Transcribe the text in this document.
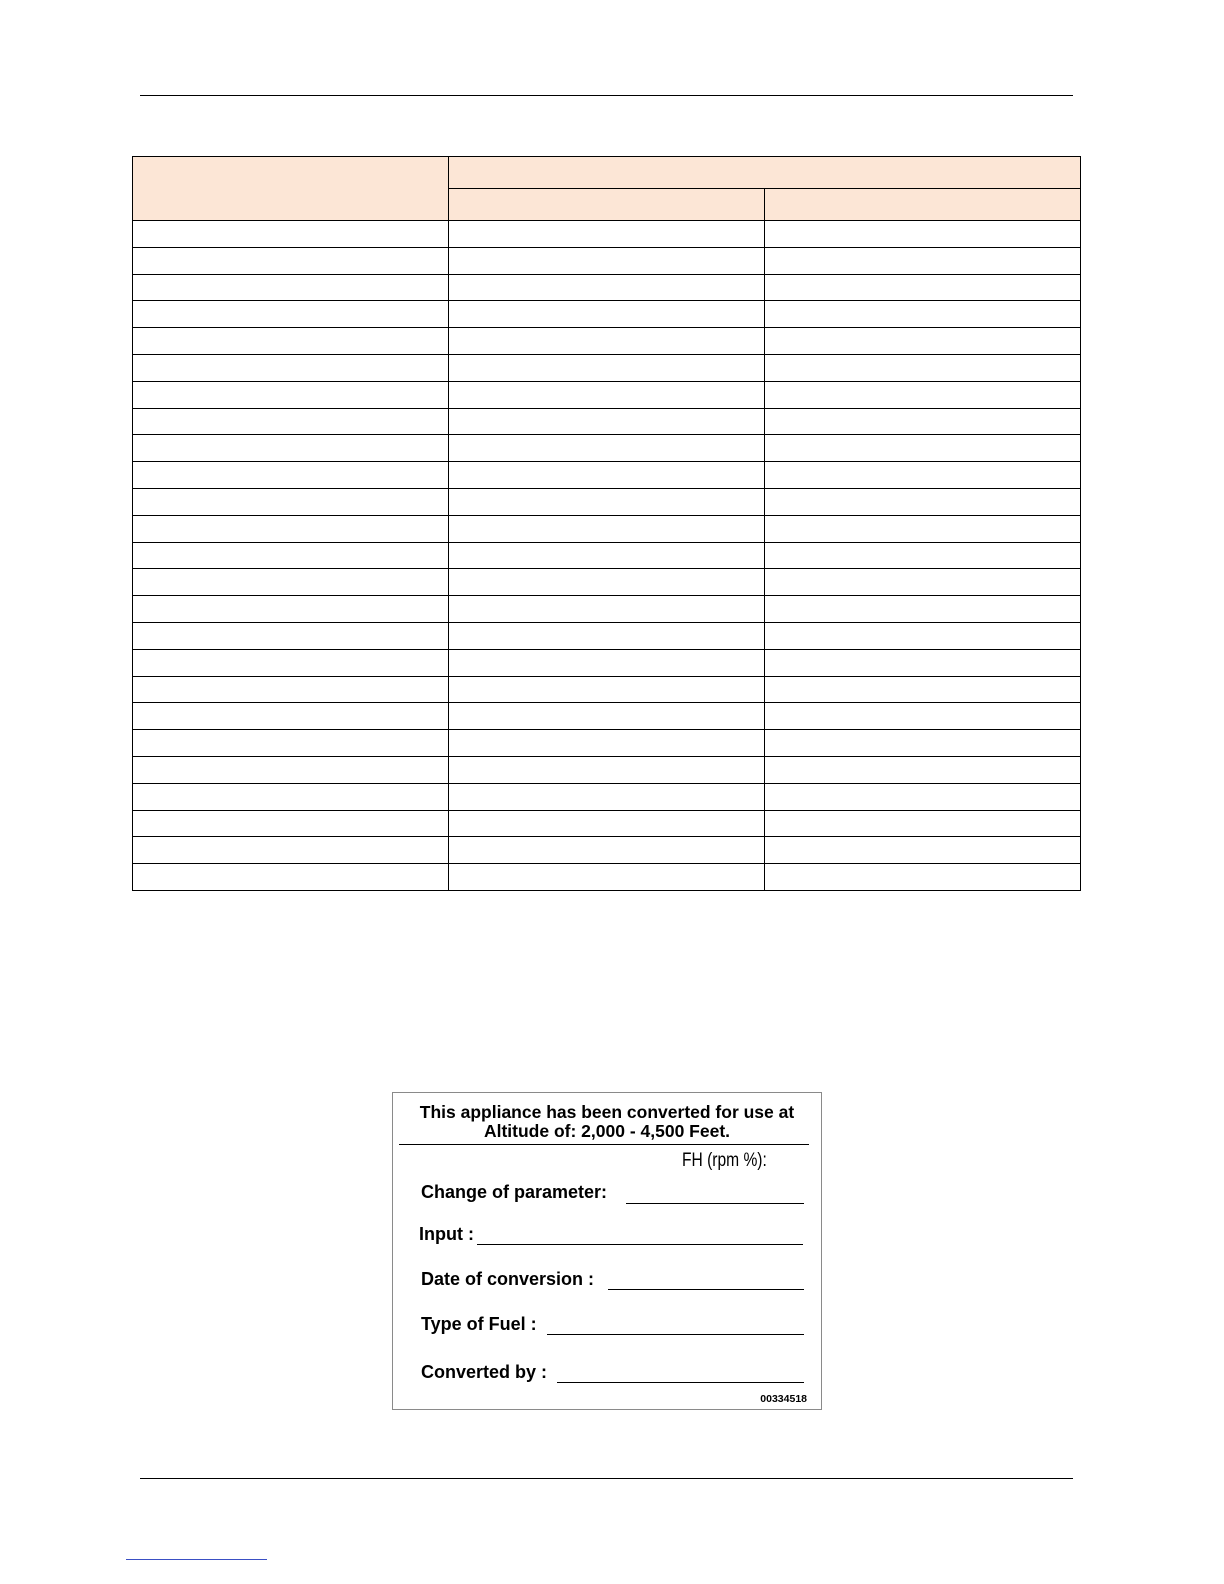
This appliance has been converted for use at
Altitude of: 2,000 - 4,500 Feet.
FH (rpm %):
Change of parameter:
Input :
Date of conversion :
Type of Fuel :
Converted by :
00334518
